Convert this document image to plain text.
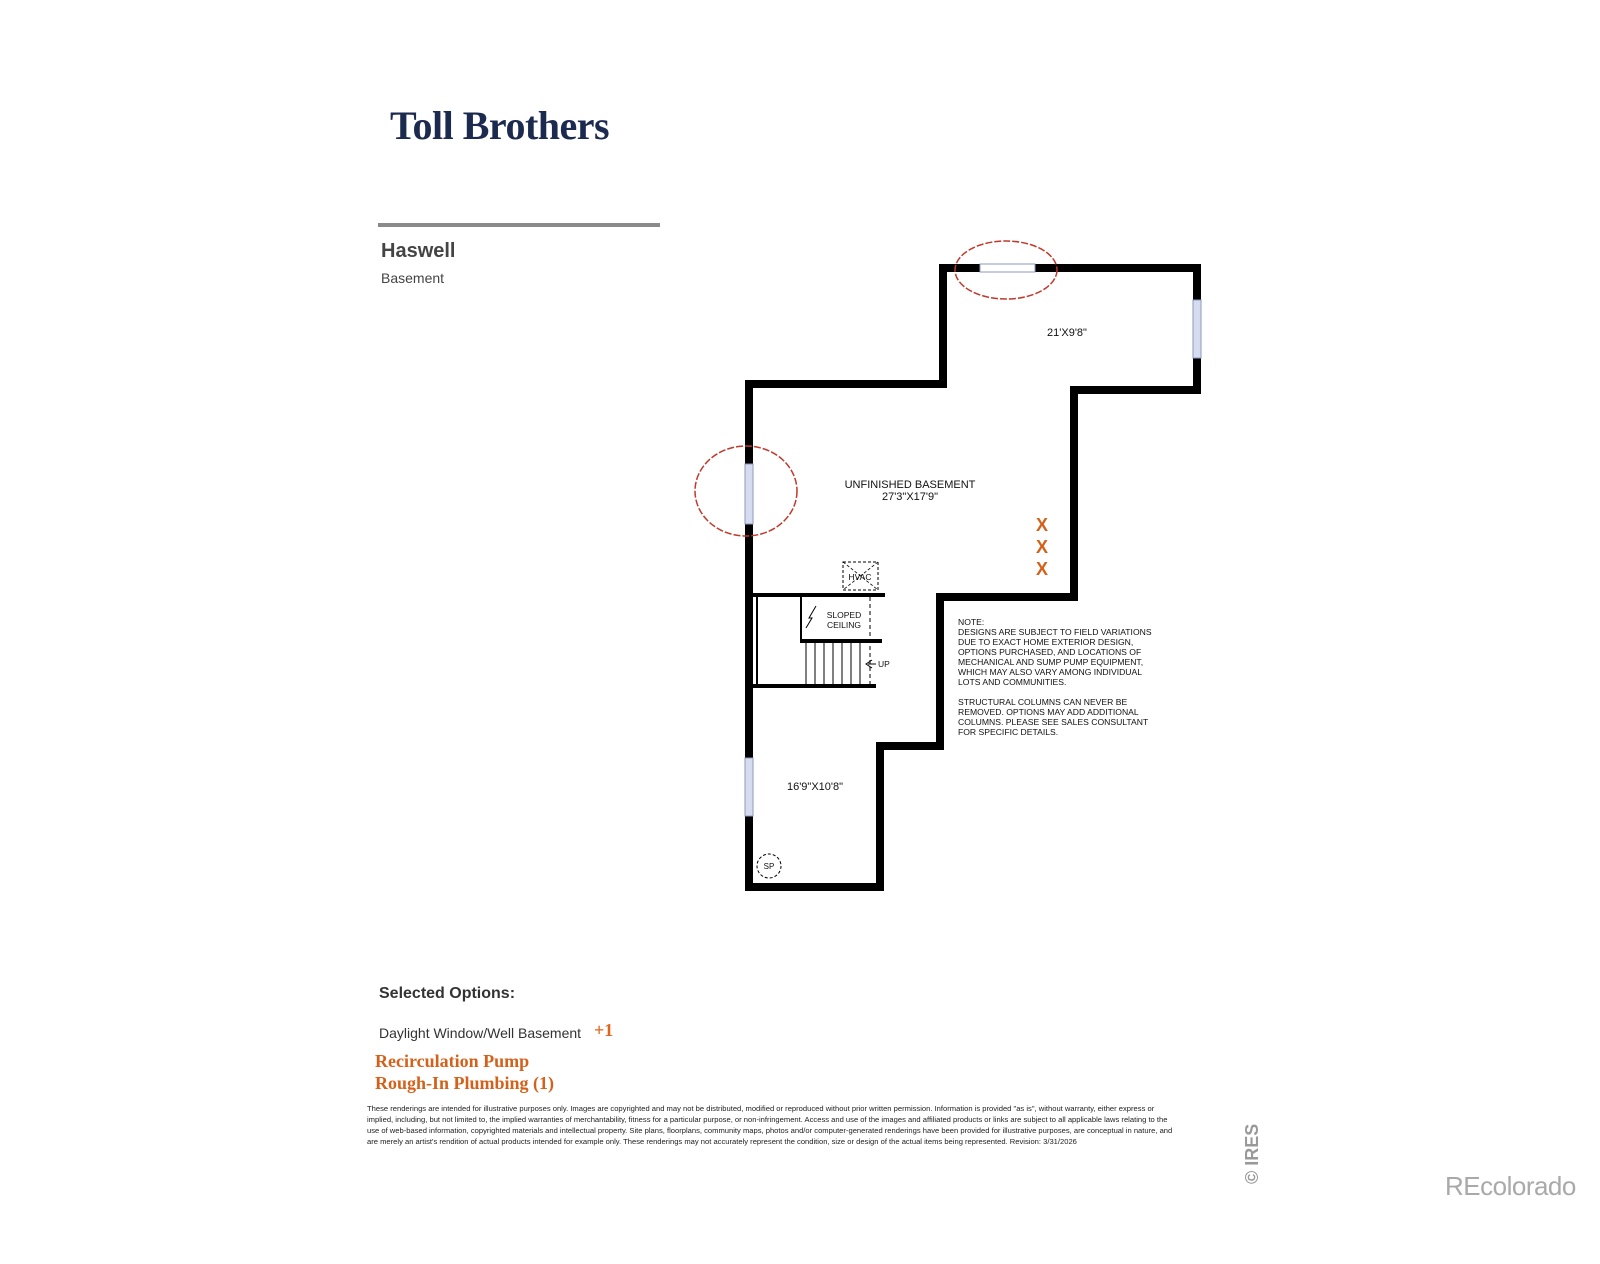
Toll Brothers
Haswell
Basement
21'X9'8"
UNFINISHED BASEMENT
27'3"X17'9"
16'9"X10'8"
HVAC
SLOPED
CEILING
UP
SP
X
X
X
NOTE:
DESIGNS ARE SUBJECT TO FIELD VARIATIONS
DUE TO EXACT HOME EXTERIOR DESIGN,
OPTIONS PURCHASED, AND LOCATIONS OF
MECHANICAL AND SUMP PUMP EQUIPMENT,
WHICH MAY ALSO VARY AMONG INDIVIDUAL
LOTS AND COMMUNITIES.
STRUCTURAL COLUMNS CAN NEVER BE
REMOVED. OPTIONS MAY ADD ADDITIONAL
COLUMNS. PLEASE SEE SALES CONSULTANT
FOR SPECIFIC DETAILS.
Selected Options:
Daylight Window/Well Basement +1
Recirculation Pump
Rough-In Plumbing (1)
These renderings are intended for illustrative purposes only. Images are copyrighted and may not be distributed, modified or reproduced without prior written permission. Information is provided "as is", without warranty, either express or implied, including, but not limited to, the implied warranties of merchantability, fitness for a particular purpose, or non-infringement. Access and use of the images and affiliated products or links are subject to all applicable laws relating to the use of web-based information, copyrighted materials and intellectual property. Site plans, floorplans, community maps, photos and/or computer-generated renderings have been provided for illustrative purposes, are conceptual in nature, and are merely an artist's rendition of actual products intended for example only. These renderings may not accurately represent the condition, size or design of the actual items being represented. Revision: 3/31/2026	© IRES
REcolorado
